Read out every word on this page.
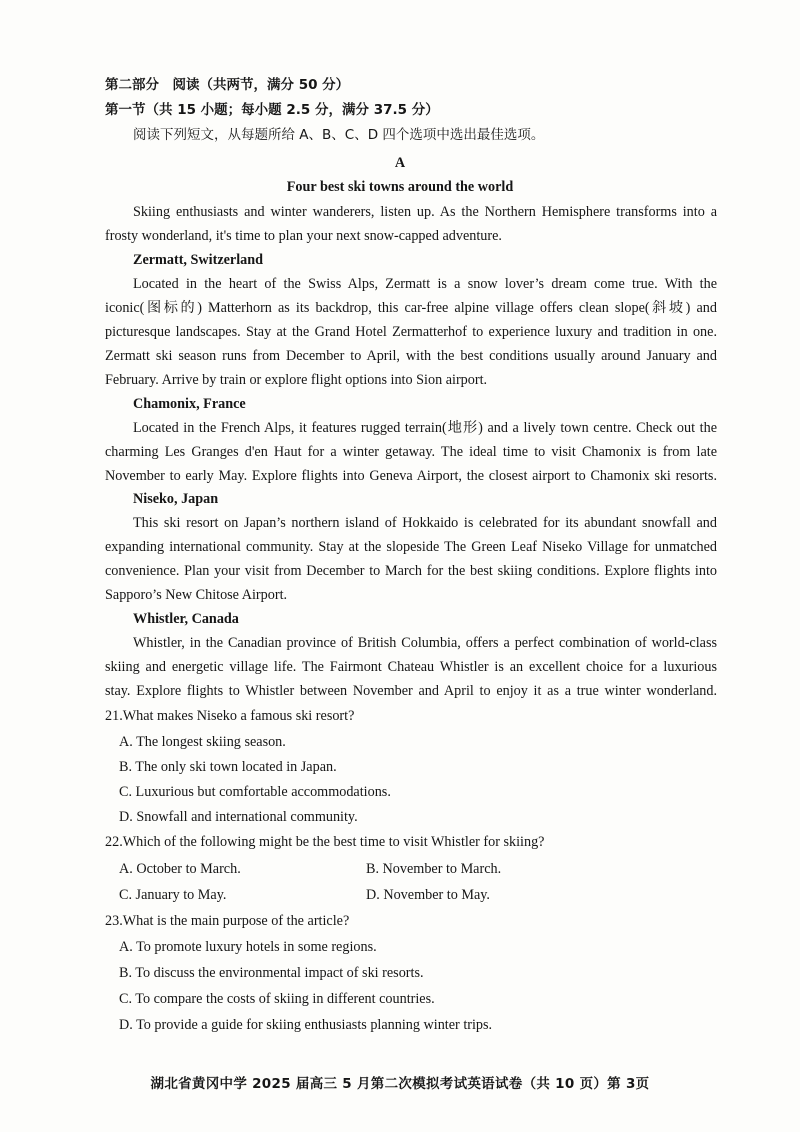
第二部分　阅读（共两节，满分 50 分）
第一节（共 15 小题；每小题 2.5 分，满分 37.5 分）
阅读下列短文，从每题所给 A、B、C、D 四个选项中选出最佳选项。
A
Four best ski towns around the world
Skiing enthusiasts and winter wanderers, listen up. As the Northern Hemisphere transforms into a
frosty wonderland, it's time to plan your next snow-capped adventure.
Zermatt, Switzerland
Located in the heart of the Swiss Alps, Zermatt is a snow lover’s dream come true. With the
iconic(图标的) Matterhorn as its backdrop, this car-free alpine village offers clean slope(斜坡) and
picturesque landscapes. Stay at the Grand Hotel Zermatterhof to experience luxury and tradition in one.
Zermatt ski season runs from December to April, with the best conditions usually around January and
February. Arrive by train or explore flight options into Sion airport.
Chamonix, France
Located in the French Alps, it features rugged terrain(地形) and a lively town centre. Check out the
charming Les Granges d'en Haut for a winter getaway. The ideal time to visit Chamonix is from late
November to early May. Explore flights into Geneva Airport, the closest airport to Chamonix ski resorts.
Niseko, Japan
This ski resort on Japan’s northern island of Hokkaido is celebrated for its abundant snowfall and
expanding international community. Stay at the slopeside The Green Leaf Niseko Village for unmatched
convenience. Plan your visit from December to March for the best skiing conditions. Explore flights into
Sapporo’s New Chitose Airport.
Whistler, Canada
Whistler, in the Canadian province of British Columbia, offers a perfect combination of world-class
skiing and energetic village life. The Fairmont Chateau Whistler is an excellent choice for a luxurious
stay. Explore flights to Whistler between November and April to enjoy it as a true winter wonderland.
21.What makes Niseko a famous ski resort?
A. The longest skiing season.
B. The only ski town located in Japan.
C. Luxurious but comfortable accommodations.
D. Snowfall and international community.
22.Which of the following might be the best time to visit Whistler for skiing?
A. October to March.	B. November to March.
C. January to May.	D. November to May.
23.What is the main purpose of the article?
A. To promote luxury hotels in some regions.
B. To discuss the environmental impact of ski resorts.
C. To compare the costs of skiing in different countries.
D. To provide a guide for skiing enthusiasts planning winter trips.
湖北省黄冈中学 2025 届高三 5 月第二次模拟考试英语试卷（共 10 页）第 3页
